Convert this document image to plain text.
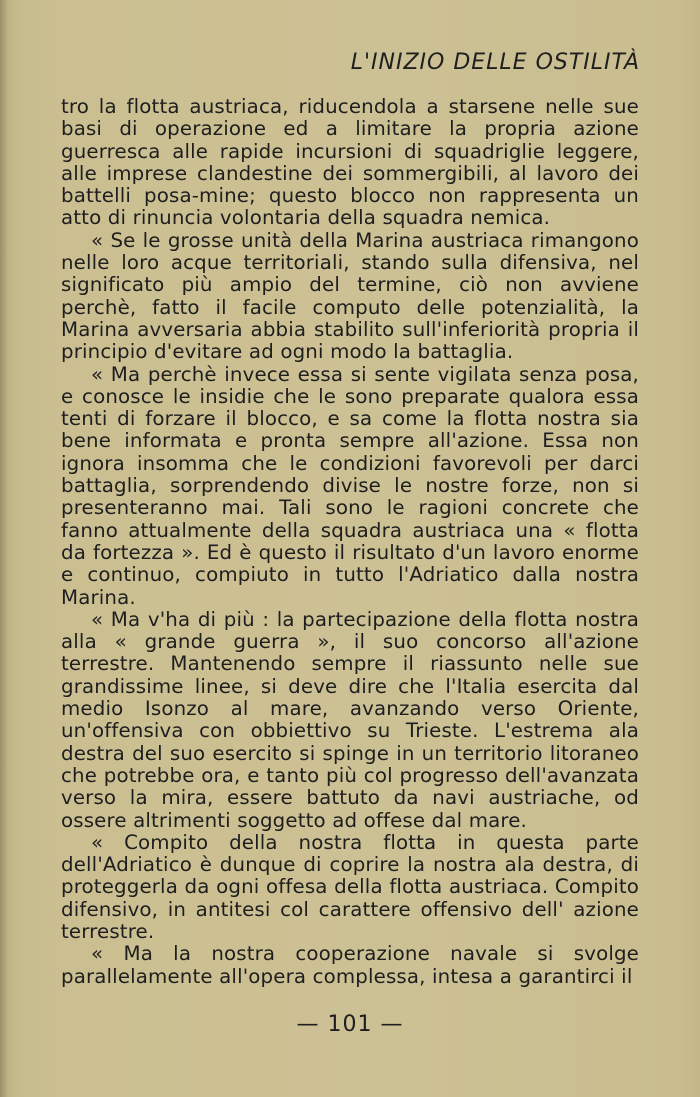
L'INIZIO DELLE OSTILITÀ

tro la flotta austriaca, riducendola a starsene nelle sue basi di operazione ed a limitare la propria azione guerresca alle rapide incursioni di squadriglie leggere, alle imprese clandestine dei sommergibili, al lavoro dei battelli posa-mine; questo blocco non rappresenta un atto di rinuncia volontaria della squadra nemica.

« Se le grosse unità della Marina austriaca rimangono nelle loro acque territoriali, stando sulla difensiva, nel significato più ampio del termine, ciò non avviene perchè, fatto il facile computo delle potenzialità, la Marina avversaria abbia stabilito sull'inferiorità propria il principio d'evitare ad ogni modo la battaglia.

« Ma perchè invece essa si sente vigilata senza posa, e conosce le insidie che le sono preparate qualora essa tenti di forzare il blocco, e sa come la flotta nostra sia bene informata e pronta sempre all'azione. Essa non ignora insomma che le condizioni favorevoli per darci battaglia, sorprendendo divise le nostre forze, non si presenteranno mai. Tali sono le ragioni concrete che fanno attualmente della squadra austriaca una « flotta da fortezza ». Ed è questo il risultato d'un lavoro enorme e continuo, compiuto in tutto l'Adriatico dalla nostra Marina.

« Ma v'ha di più : la partecipazione della flotta nostra alla « grande guerra », il suo concorso all'azione terrestre. Mantenendo sempre il riassunto nelle sue grandissime linee, si deve dire che l'Italia esercita dal medio Isonzo al mare, avanzando verso Oriente, un'offensiva con obbiettivo su Trieste. L'estrema ala destra del suo esercito si spinge in un territorio litoraneo che potrebbe ora, e tanto più col progresso dell'avanzata verso la mira, essere battuto da navi austriache, od ossere altrimenti soggetto ad offese dal mare.

« Compito della nostra flotta in questa parte dell'Adriatico è dunque di coprire la nostra ala destra, di proteggerla da ogni offesa della flotta austriaca. Compito difensivo, in antitesi col carattere offensivo dell' azione terrestre.

« Ma la nostra cooperazione navale si svolge parallelamente all'opera complessa, intesa a garantirci il

— 101 —
